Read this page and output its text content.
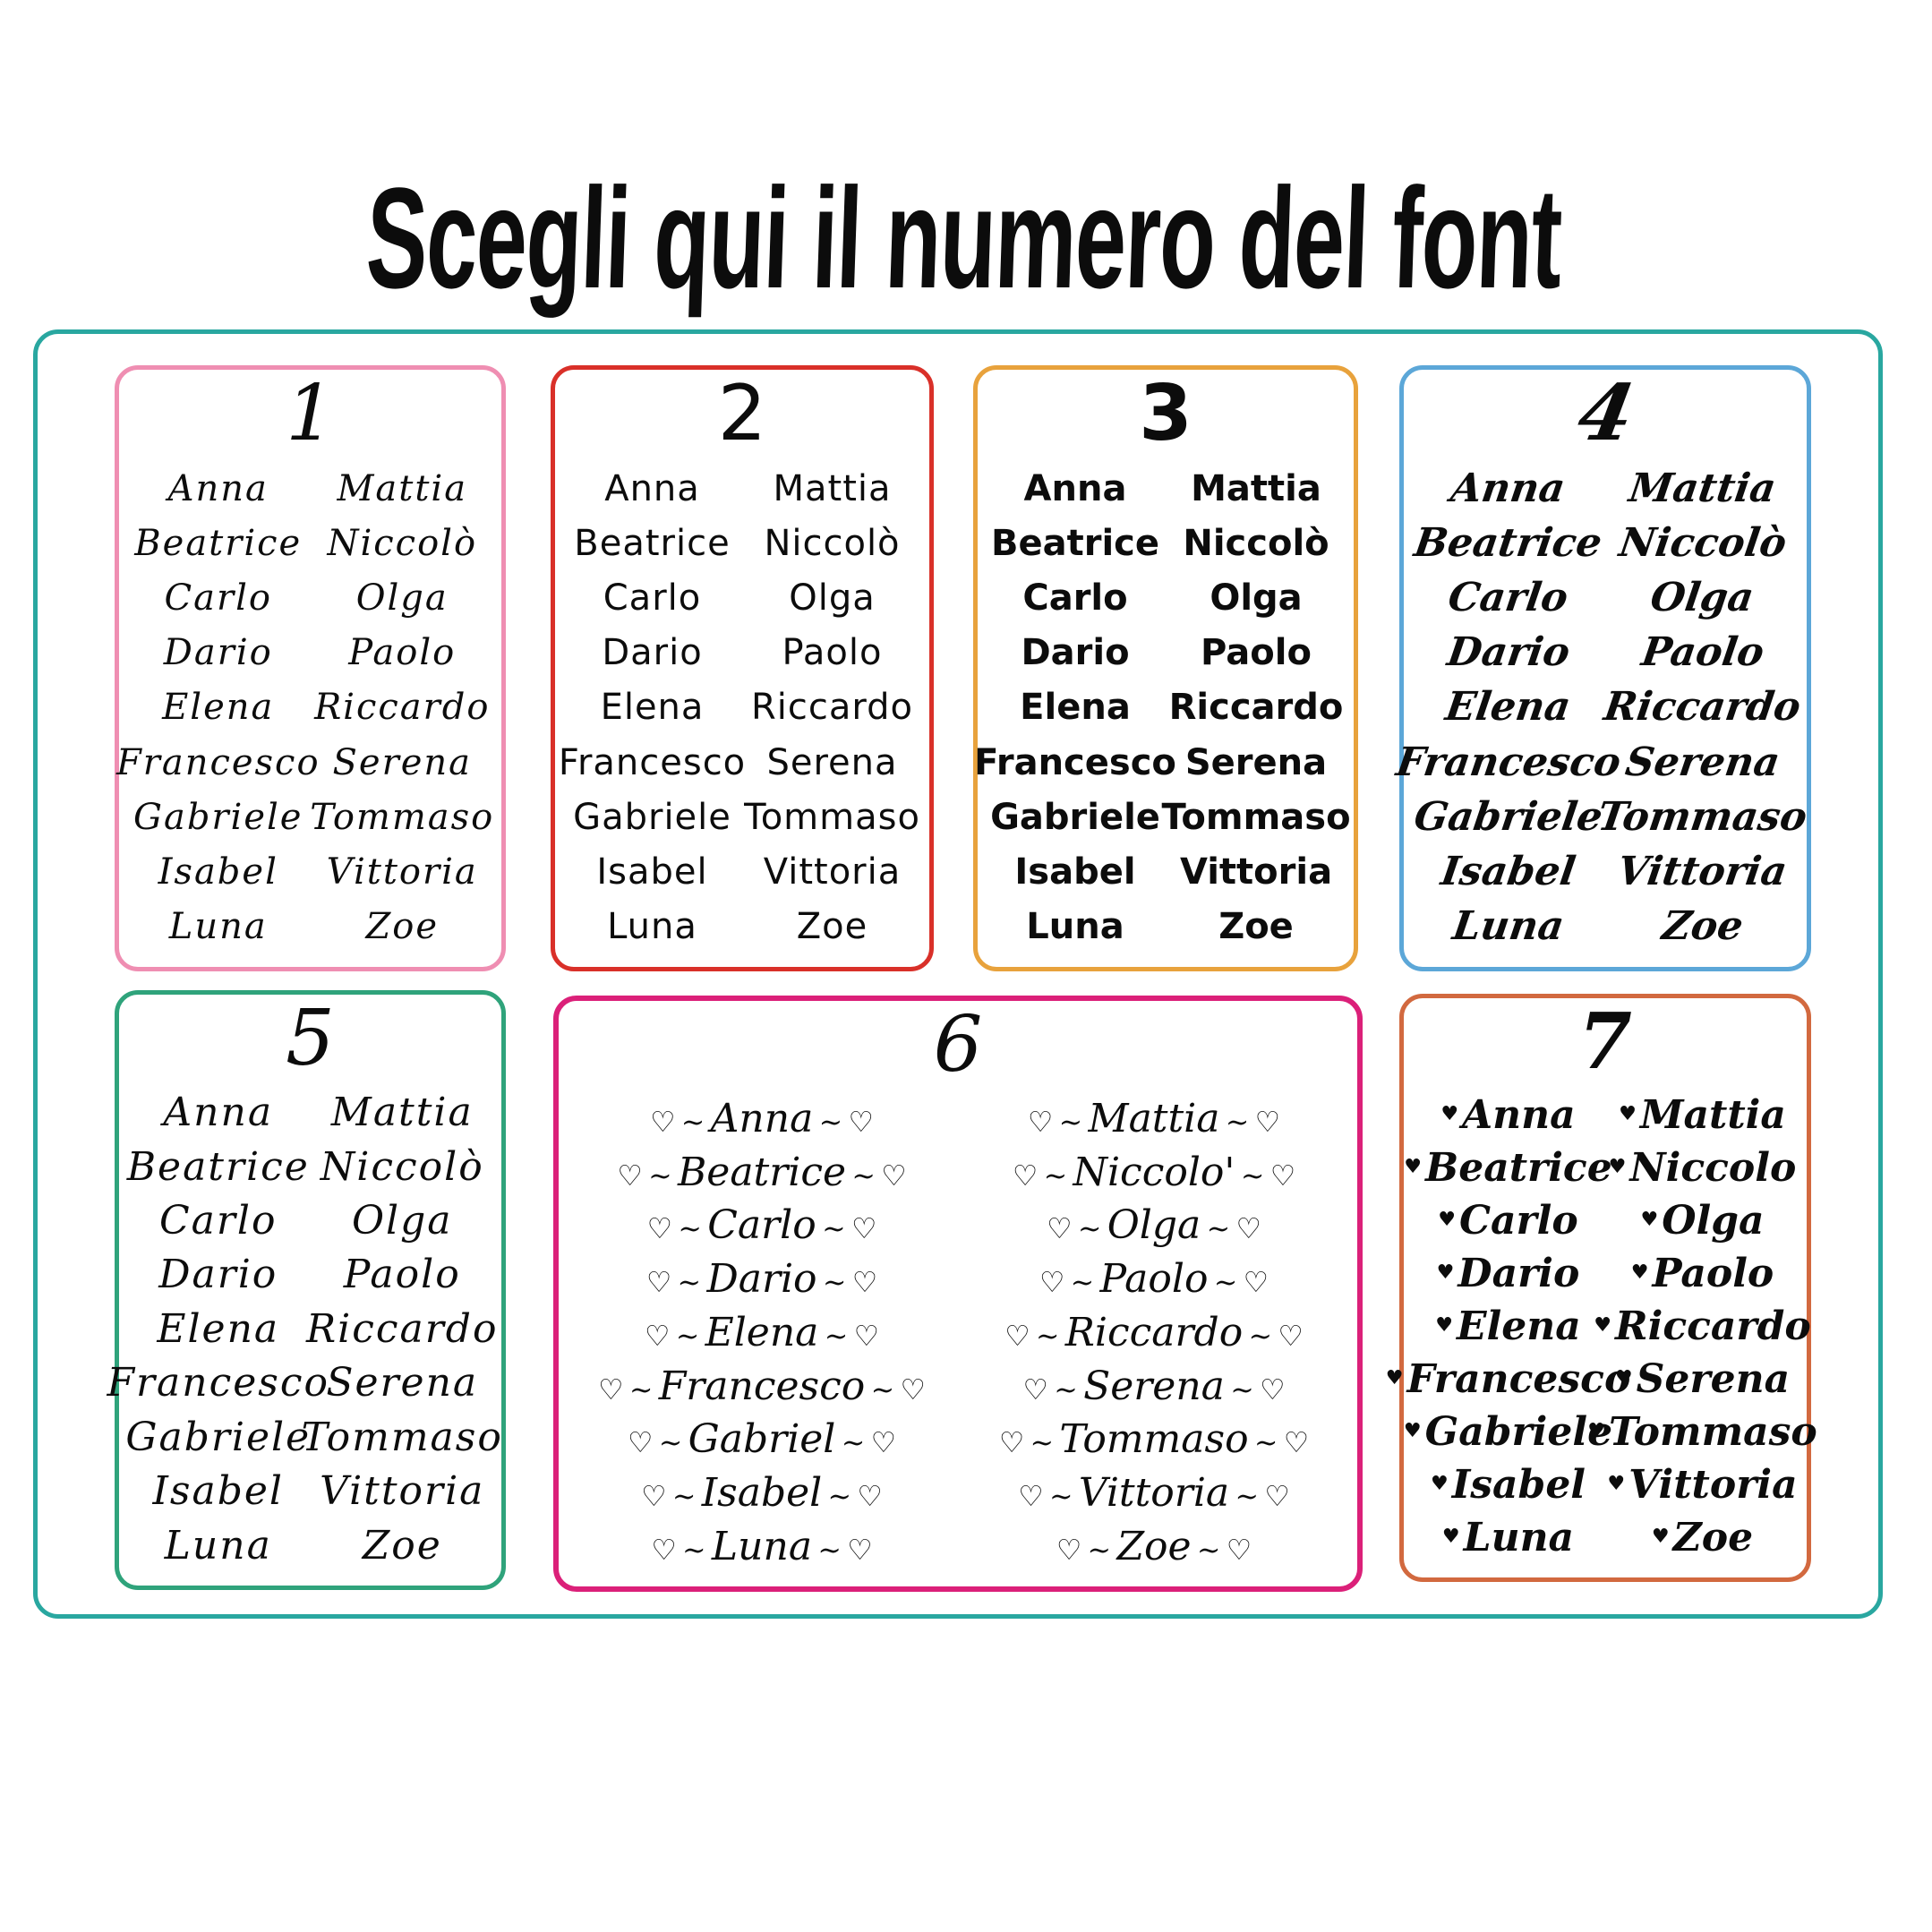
Scegli qui il numero del font
1
Anna
Beatrice
Carlo
Dario
Elena
Francesco
Gabriele
Isabel
Luna
Mattia
Niccolò
Olga
Paolo
Riccardo
Serena
Tommaso
Vittoria
Zoe
2
Anna
Beatrice
Carlo
Dario
Elena
Francesco
Gabriele
Isabel
Luna
Mattia
Niccolò
Olga
Paolo
Riccardo
Serena
Tommaso
Vittoria
Zoe
3
Anna
Beatrice
Carlo
Dario
Elena
Francesco
Gabriele
Isabel
Luna
Mattia
Niccolò
Olga
Paolo
Riccardo
Serena
Tommaso
Vittoria
Zoe
4
Anna
Beatrice
Carlo
Dario
Elena
Francesco
Gabriele
Isabel
Luna
Mattia
Niccolò
Olga
Paolo
Riccardo
Serena
Tommaso
Vittoria
Zoe
5
Anna
Beatrice
Carlo
Dario
Elena
Francesco
Gabriele
Isabel
Luna
Mattia
Niccolò
Olga
Paolo
Riccardo
Serena
Tommaso
Vittoria
Zoe
6
♡ ∼ Anna ∼ ♡
♡ ∼ Beatrice ∼ ♡
♡ ∼ Carlo ∼ ♡
♡ ∼ Dario ∼ ♡
♡ ∼ Elena ∼ ♡
♡ ∼ Francesco ∼ ♡
♡ ∼ Gabriel ∼ ♡
♡ ∼ Isabel ∼ ♡
♡ ∼ Luna ∼ ♡
♡ ∼ Mattia ∼ ♡
♡ ∼ Niccolo' ∼ ♡
♡ ∼ Olga ∼ ♡
♡ ∼ Paolo ∼ ♡
♡ ∼ Riccardo ∼ ♡
♡ ∼ Serena ∼ ♡
♡ ∼ Tommaso ∼ ♡
♡ ∼ Vittoria ∼ ♡
♡ ∼ Zoe ∼ ♡
7
♥ Anna
♥ Beatrice
♥ Carlo
♥ Dario
♥ Elena
♥ Francesco
♥ Gabriele
♥ Isabel
♥ Luna
♥ Mattia
♥ Niccolo
♥ Olga
♥ Paolo
♥ Riccardo
♥ Serena
♥ Tommaso
♥ Vittoria
♥ Zoe
